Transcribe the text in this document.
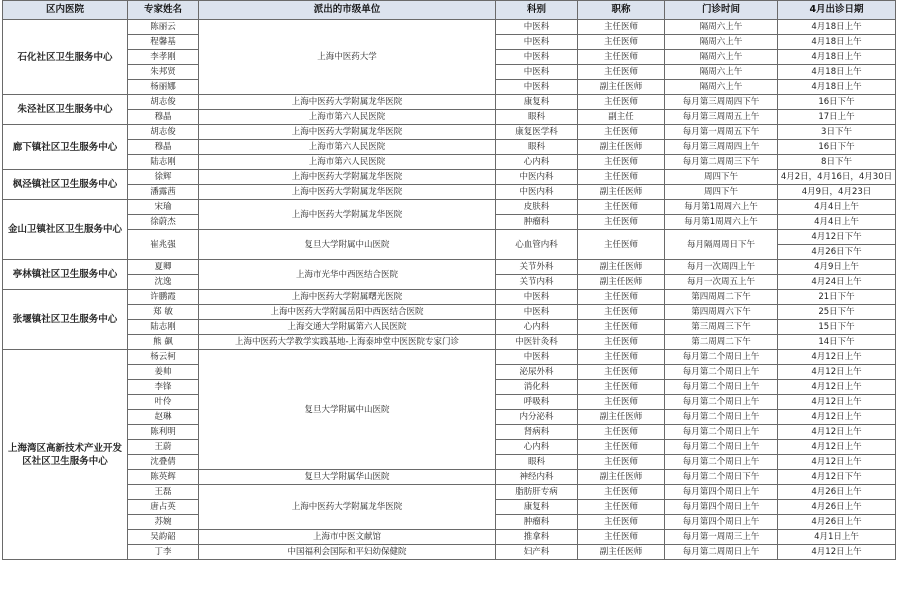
区内医院	专家姓名	派出的市级单位	科别	职称	门诊时间	4月出诊日期
石化社区卫生服务中心	陈丽云	上海中医药大学	中医科	主任医师	隔周六上午	4月18日上午
	程馨基		中医科	主任医师	隔周六上午	4月18日上午
	李孝刚		中医科	主任医师	隔周六上午	4月18日上午
	朱邦贤		中医科	主任医师	隔周六上午	4月18日上午
	杨丽娜		中医科	副主任医师	隔周六上午	4月18日上午
朱泾社区卫生服务中心	胡志俊	上海中医药大学附属龙华医院	康复科	主任医师	每月第三周周四下午	16日下午
	穆晶	上海市第六人民医院	眼科	副主任	每月第三周周五上午	17日上午
廊下镇社区卫生服务中心	胡志俊	上海中医药大学附属龙华医院	康复医学科	主任医师	每月第一周周五下午	3日下午
	穆晶	上海市第六人民医院	眼科	副主任医师	每月第三周周四上午	16日下午
	陆志刚	上海市第六人民医院	心内科	主任医师	每月第二周周三下午	8日下午
枫泾镇社区卫生服务中心	徐辉	上海中医药大学附属龙华医院	中医内科	主任医师	周四下午	4月2日，4月16日，4月30日
	潘露茜	上海中医药大学附属龙华医院	中医内科	副主任医师	周四下午	4月9日，4月23日
金山卫镇社区卫生服务中心	宋瑜	上海中医药大学附属龙华医院	皮肤科	主任医师	每月第1周周六上午	4月4日上午
	徐蔚杰		肿瘤科	主任医师	每月第1周周六上午	4月4日上午
	崔兆强	复旦大学附属中山医院	心血管内科	主任医师	每月隔周周日下午	4月12日下午
						4月26日下午
亭林镇社区卫生服务中心	夏卿	上海市光华中西医结合医院	关节外科	副主任医师	每月一次周四上午	4月9日上午
	沈逸		关节内科	副主任医师	每月一次周五上午	4月24日上午
张堰镇社区卫生服务中心	许鹏霞	上海中医药大学附属曙光医院	中医科	主任医师	第四周周二下午	21日下午
	郑 敏	上海中医药大学附属岳阳中西医结合医院	中医科	主任医师	第四周周六下午	25日下午
	陆志刚	上海交通大学附属第六人民医院	心内科	主任医师	第三周周三下午	15日下午
	熊 飙	上海中医药大学教学实践基地-上海泰坤堂中医医院专家门诊	中医针灸科	主任医师	第二周周二下午	14日下午
上海湾区高新技术产业开发区社区卫生服务中心	杨云柯	复旦大学附属中山医院	中医科	主任医师	每月第二个周日上午	4月12日上午
	姜帅		泌尿外科	主任医师	每月第二个周日上午	4月12日上午
	李锋		消化科	主任医师	每月第二个周日上午	4月12日上午
	叶伶		呼吸科	主任医师	每月第二个周日上午	4月12日上午
	赵琳		内分泌科	副主任医师	每月第二个周日上午	4月12日上午
	陈利明		肾病科	主任医师	每月第二个周日上午	4月12日上午
	王蔚		心内科	主任医师	每月第二个周日上午	4月12日上午
	沈叠倩		眼科	主任医师	每月第二个周日上午	4月12日上午
	陈英辉	复旦大学附属华山医院	神经内科	副主任医师	每月第二个周日下午	4月12日下午
	王磊	上海中医药大学附属龙华医院	脂肪肝专病	主任医师	每月第四个周日上午	4月26日上午
	唐占英		康复科	主任医师	每月第四个周日上午	4月26日上午
	苏婉		肿瘤科	主任医师	每月第四个周日上午	4月26日上午
	吴韵韶	上海市中医文献馆	推拿科	主任医师	每月第一周周三上午	4月1日上午
	丁李	中国福利会国际和平妇幼保健院	妇产科	副主任医师	每月第二周周日上午	4月12日上午
